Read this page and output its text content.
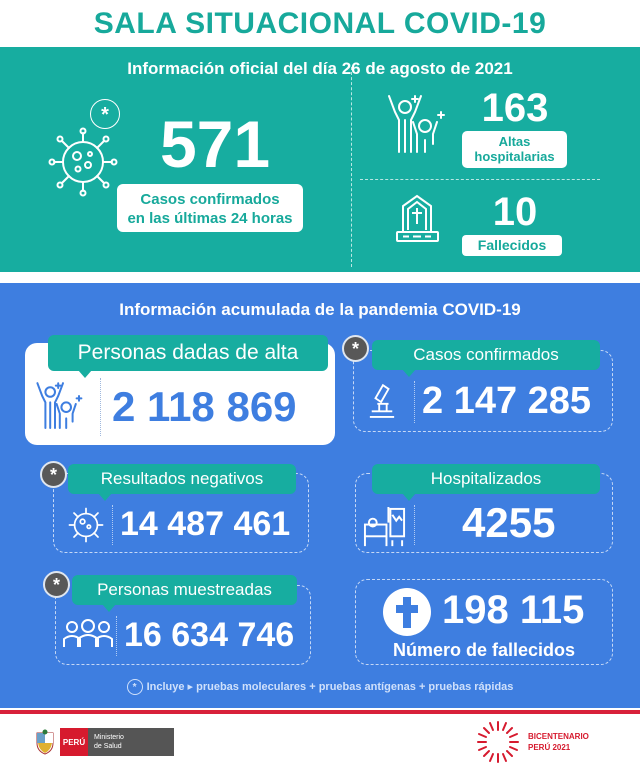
SALA SITUACIONAL COVID-19
Información oficial del día 26 de agosto de 2021
* 571
Casos confirmados
en las últimas 24 horas
163
Altas
hospitalarias
10
Fallecidos
Información acumulada de la pandemia COVID-19
Personas dadas de alta
2 118 869
Casos confirmados
*
2 147 285
Resultados negativos
*
14 487 461
Hospitalizados
4255
Personas muestreadas
*
16 634 746
198 115
Número de fallecidos
* Incluye ▸ pruebas moleculares + pruebas antígenas + pruebas rápidas
PERÚ	Ministerio
de Salud
BICENTENARIO
PERÚ 2021
